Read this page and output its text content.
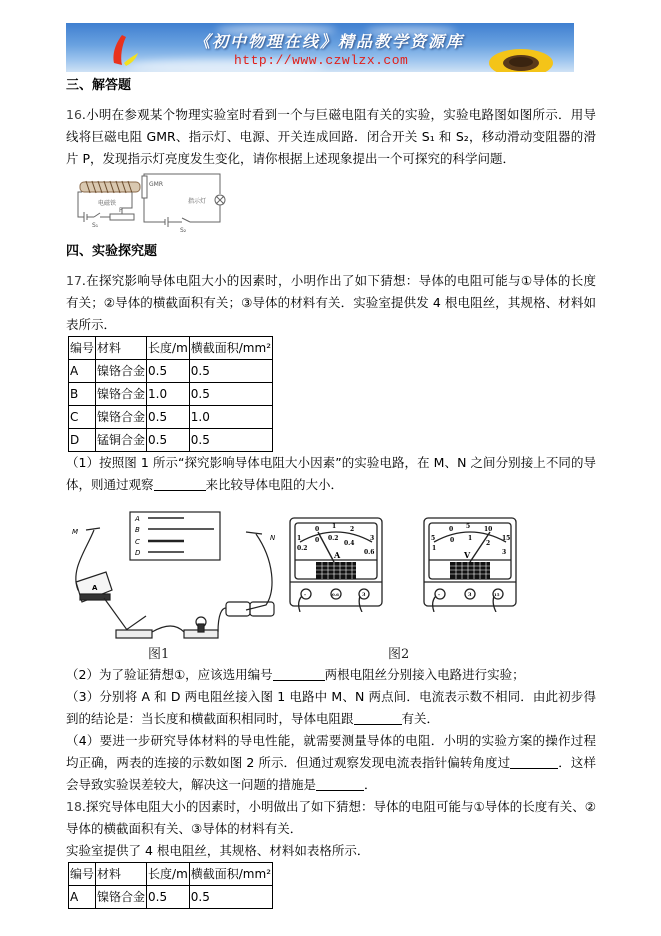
《初中物理在线》精品教学资源库
http://www.czwlzx.com
三、解答题

16.小明在参观某个物理实验室时看到一个与巨磁电阻有关的实验，实验电路图如图所示．用导线将巨磁电阻 GMR、指示灯、电源、开关连成回路．闭合开关 S₁ 和 S₂，移动滑动变阻器的滑片 P，发现指示灯亮度发生变化，请你根据上述现象提出一个可探究的科学问题．

GMR
电磁铁	指示灯
P
S₁
S₂
四、实验探究题

17.在探究影响导体电阻大小的因素时，小明作出了如下猜想：导体的电阻可能与①导体的长度有关；②导体的横截面积有关；③导体的材料有关．实验室提供发 4 根电阻丝，其规格、材料如表所示．

编号	材料	长度/m	横截面积/mm²
A	镍铬合金	0.5	0.5
B	镍铬合金	1.0	0.5
C	镍铬合金	0.5	1.0
D	锰铜合金	0.5	0.5

（1）按照图 1 所示“探究影响导体电阻大小因素”的实验电路，在 M、N 之间分别接上不同的导体，则通过观察	来比较导体电阻的大小．

M
N
A
B
C
D
A
图1
1
0 1 2
3
0.2
0 0.2
0.4
0.6
A
-	0.6	3
5
0 5 10
15
1
0 1
2
3
V
-	3	15
图2

（2）为了验证猜想①，应该选用编号	两根电阻丝分别接入电路进行实验；

（3）分别将 A 和 D 两电阻丝接入图 1 电路中 M、N 两点间．电流表示数不相同．由此初步得到的结论是：当长度和横截面积相同时，导体电阻跟	有关．

（4）要进一步研究导体材料的导电性能，就需要测量导体的电阻．小明的实验方案的操作过程均正确，两表的连接的示数如图 2 所示．但通过观察发现电流表指针偏转角度过	．这样会导致实验误差较大，解决这一问题的措施是	．

18.探究导体电阻大小的因素时，小明做出了如下猜想：导体的电阻可能与①导体的长度有关、②导体的横截面积有关、③导体的材料有关．

实验室提供了 4 根电阻丝，其规格、材料如表格所示．

编号	材料	长度/m	横截面积/mm²
A	镍铬合金	0.5	0.5
